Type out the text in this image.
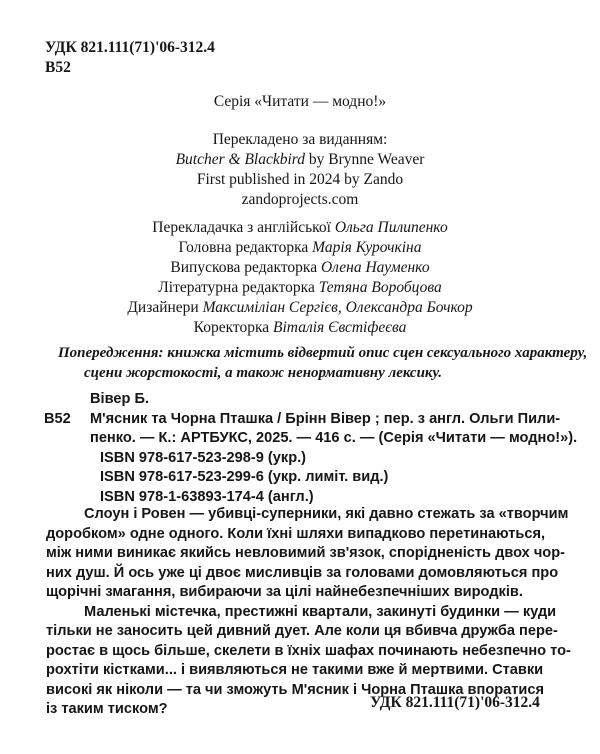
УДК 821.111(71)'06-312.4
В52
Серія «Читати — модно!»
Перекладено за виданням:
Butcher & Blackbird by Brynne Weaver
First published in 2024 by Zando
zandoprojects.com
Перекладачка з англійської Ольга Пилипенко
Головна редакторка Марія Курочкіна
Випускова редакторка Олена Науменко
Літературна редакторка Тетяна Воробцова
Дизайнери Максиміліан Сергієв, Олександра Бочкор
Коректорка Віталія Євстіфеєва
Попередження: книжка містить відвертий опис сцен сексуального характеру,
сцени жорстокості, а також ненормативну лексику.
Вівер Б.
В52	М'ясник та Чорна Пташка / Брінн Вівер ; пер. з англ. Ольги Пили-
пенко. — К.: АРТБУКС, 2025. — 416 с. — (Серія «Читати — модно!»).
ISBN 978-617-523-298-9 (укр.)
ISBN 978-617-523-299-6 (укр. лиміт. вид.)
ISBN 978-1-63893-174-4 (англ.)
Слоун і Ровен — убивці-суперники, які давно стежать за «творчим
доробком» одне одного. Коли їхні шляхи випадково перетинаються,
між ними виникає якийсь невловимий зв'язок, спорідненість двох чор-
них душ. Й ось уже ці двоє мисливців за головами домовляються про
щорічні змагання, вибираючи за цілі найнебезпечніших виродків.
Маленькі містечка, престижні квартали, закинуті будинки — куди
тільки не заносить цей дивний дует. Але коли ця вбивча дружба пере-
ростає в щось більше, скелети в їхніх шафах починають небезпечно то-
рохтіти кістками... і виявляються не такими вже й мертвими. Ставки
високі як ніколи — та чи зможуть М'ясник і Чорна Пташка впоратися
із таким тиском?	УДК 821.111(71)'06-312.4
